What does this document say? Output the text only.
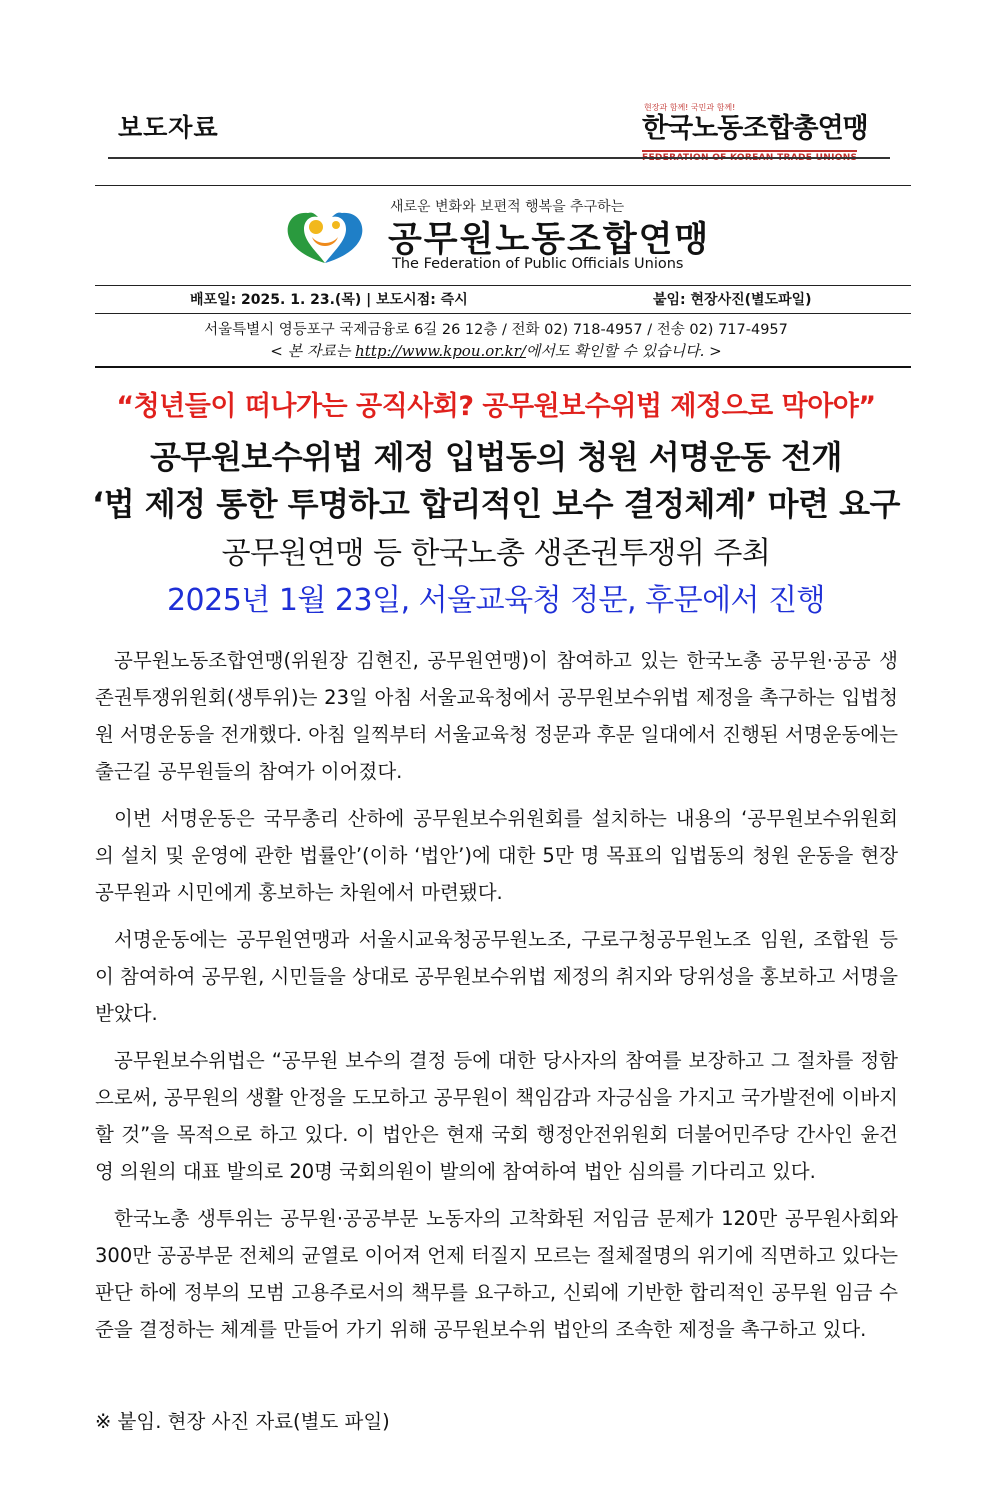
보도자료
현장과 함께! 국민과 함께!
한국노동조합총연맹
새로운 변화와 보편적 행복을 추구하는
공무원노동조합연맹
The Federation of Public Officials Unions
배포일: 2025. 1. 23.(목) | 보도시점: 즉시	붙임: 현장사진(별도파일)
서울특별시 영등포구 국제금융로 6길 26 12층 / 전화 02) 718-4957 / 전송 02) 717-4957
< 본 자료는 http://www.kpou.or.kr/에서도 확인할 수 있습니다. >
“청년들이 떠나가는 공직사회? 공무원보수위법 제정으로 막아야”
공무원보수위법 제정 입법동의 청원 서명운동 전개
‘법 제정 통한 투명하고 합리적인 보수 결정체계’ 마련 요구
공무원연맹 등 한국노총 생존권투쟁위 주최
2025년 1월 23일, 서울교육청 정문, 후문에서 진행

공무원노동조합연맹(위원장 김현진, 공무원연맹)이 참여하고 있는 한국노총 공무원·공공 생존권투쟁위원회(생투위)는 23일 아침 서울교육청에서 공무원보수위법 제정을 촉구하는 입법청원 서명운동을 전개했다. 아침 일찍부터 서울교육청 정문과 후문 일대에서 진행된 서명운동에는 출근길 공무원들의 참여가 이어졌다.

이번 서명운동은 국무총리 산하에 공무원보수위원회를 설치하는 내용의 ‘공무원보수위원회의 설치 및 운영에 관한 법률안’(이하 ‘법안’)에 대한 5만 명 목표의 입법동의 청원 운동을 현장 공무원과 시민에게 홍보하는 차원에서 마련됐다.

서명운동에는 공무원연맹과 서울시교육청공무원노조, 구로구청공무원노조 임원, 조합원 등이 참여하여 공무원, 시민들을 상대로 공무원보수위법 제정의 취지와 당위성을 홍보하고 서명을 받았다.

공무원보수위법은 “공무원 보수의 결정 등에 대한 당사자의 참여를 보장하고 그 절차를 정함으로써, 공무원의 생활 안정을 도모하고 공무원이 책임감과 자긍심을 가지고 국가발전에 이바지할 것”을 목적으로 하고 있다. 이 법안은 현재 국회 행정안전위원회 더불어민주당 간사인 윤건영 의원의 대표 발의로 20명 국회의원이 발의에 참여하여 법안 심의를 기다리고 있다.

한국노총 생투위는 공무원·공공부문 노동자의 고착화된 저임금 문제가 120만 공무원사회와 300만 공공부문 전체의 균열로 이어져 언제 터질지 모르는 절체절명의 위기에 직면하고 있다는 판단 하에 정부의 모범 고용주로서의 책무를 요구하고, 신뢰에 기반한 합리적인 공무원 임금 수준을 결정하는 체계를 만들어 가기 위해 공무원보수위 법안의 조속한 제정을 촉구하고 있다.

※ 붙임. 현장 사진 자료(별도 파일)
